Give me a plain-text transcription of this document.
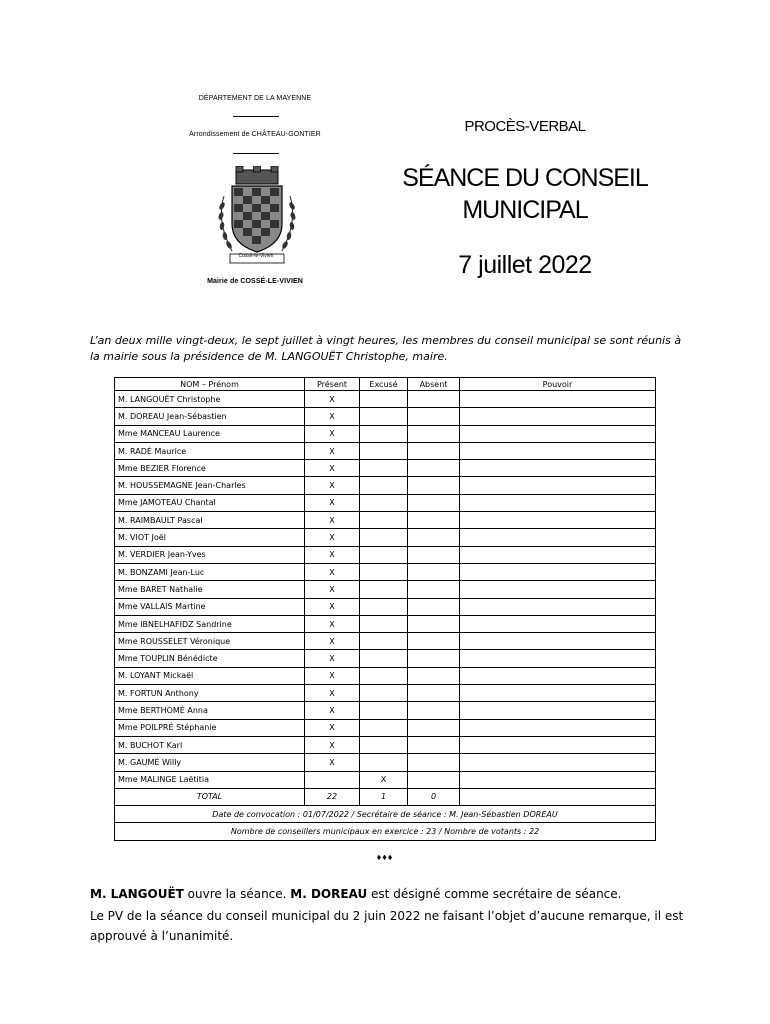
DÉPARTEMENT DE LA MAYENNE
Arrondissement de CHÂTEAU-GONTIER
Cossé-le-Vivien
Mairie de COSSÉ-LE-VIVIEN
PROCÈS-VERBAL
SÉANCE DU CONSEIL
MUNICIPAL
7 juillet 2022
L’an deux mille vingt-deux, le sept juillet à vingt heures, les membres du conseil municipal se sont réunis à la mairie sous la présidence de M. LANGOUËT Christophe, maire.
NOM – Prénom	Présent	Excusé	Absent	Pouvoir
M. LANGOUËT Christophe	X			
M. DOREAU Jean-Sébastien	X			
Mme MANCEAU Laurence	X			
M. RADÉ Maurice	X			
Mme BEZIER Florence	X			
M. HOUSSEMAGNE Jean-Charles	X			
Mme JAMOTEAU Chantal	X			
M. RAIMBAULT Pascal	X			
M. VIOT Joël	X			
M. VERDIER Jean-Yves	X			
M. BONZAMI Jean-Luc	X			
Mme BARET Nathalie	X			
Mme VALLAIS Martine	X			
Mme IBNELHAFIDZ Sandrine	X			
Mme ROUSSELET Véronique	X			
Mme TOUPLIN Bénédicte	X			
M. LOYANT Mickaël	X			
M. FORTUN Anthony	X			
Mme BERTHOMÉ Anna	X			
Mme POILPRÉ Stéphanie	X			
M. BUCHOT Karl	X			
M. GAUMÉ Willy	X			
Mme MALINGE Laëtitia		X		
TOTAL	22	1	0	
Date de convocation : 01/07/2022 / Secrétaire de séance : M. Jean-Sébastien DOREAU				
Nombre de conseillers municipaux en exercice : 23 / Nombre de votants : 22				
♦♦♦
M. LANGOUËT ouvre la séance. M. DOREAU est désigné comme secrétaire de séance.
Le PV de la séance du conseil municipal du 2 juin 2022 ne faisant l’objet d’aucune remarque, il est approuvé à l’unanimité.
